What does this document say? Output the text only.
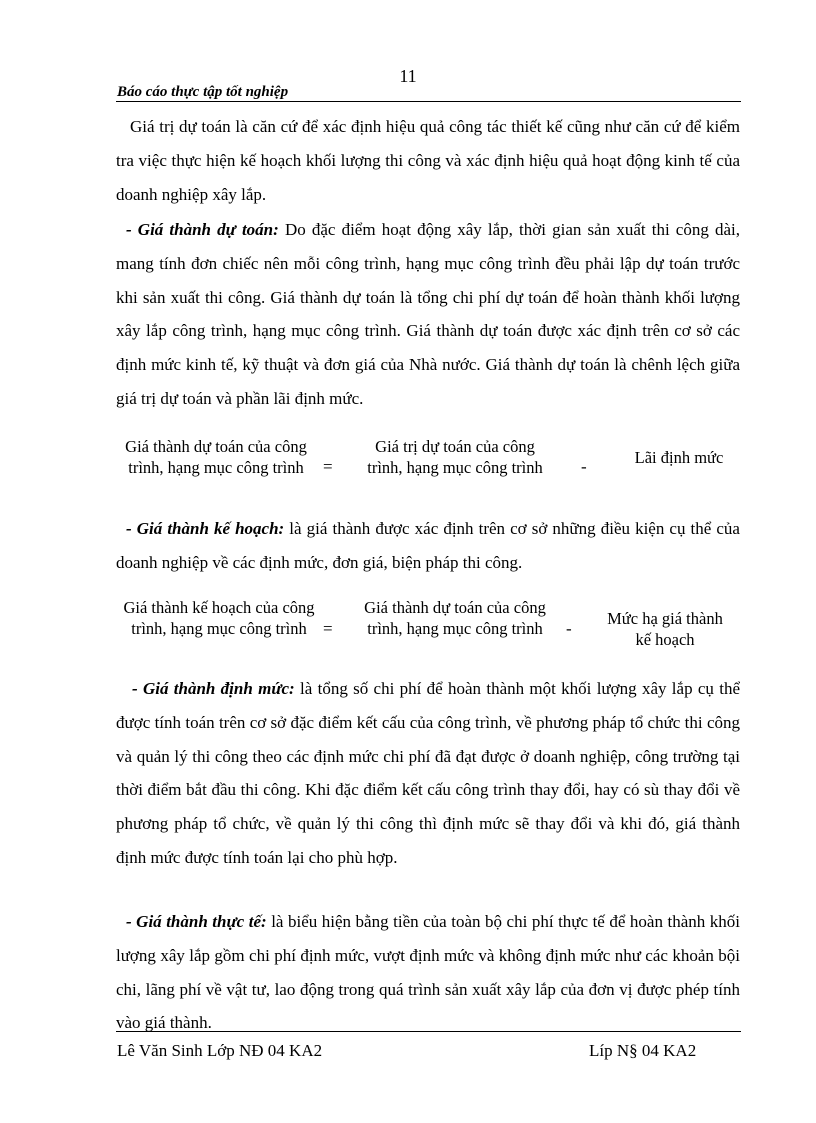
11
Báo cáo thực tập tốt nghiệp

Giá trị dự toán là căn cứ để xác định hiệu quả công tác thiết kế cũng như căn cứ để kiểm tra việc thực hiện kế hoạch khối lượng thi công và xác định hiệu quả hoạt động kinh tế của doanh nghiệp xây lắp.

- Giá thành dự toán: Do đặc điểm hoạt động xây lắp, thời gian sản xuất thi công dài, mang tính đơn chiếc nên mỗi công trình, hạng mục công trình đều phải lập dự toán trước khi sản xuất thi công. Giá thành dự toán là tổng chi phí dự toán để hoàn thành khối lượng xây lắp công trình, hạng mục công trình. Giá thành dự toán được xác định trên cơ sở các định mức kinh tế, kỹ thuật và đơn giá của Nhà nước. Giá thành dự toán là chênh lệch giữa giá trị dự toán và phần lãi định mức.

Giá thành dự toán của công trình, hạng mục công trình	=
Giá trị dự toán của công trình, hạng mục công trình	-	Lãi định mức

- Giá thành kế hoạch: là giá thành được xác định trên cơ sở những điều kiện cụ thể của doanh nghiệp về các định mức, đơn giá, biện pháp thi công.

Giá thành kế hoạch của công trình, hạng mục công trình =
Giá thành dự toán của công trình, hạng mục công trình	-
Mức hạ giá thành kế hoạch

- Giá thành định mức: là tổng số chi phí để hoàn thành một khối lượng xây lắp cụ thể được tính toán trên cơ sở đặc điểm kết cấu của công trình, về phương pháp tổ chức thi công và quản lý thi công theo các định mức chi phí đã đạt được ở doanh nghiệp, công trường tại thời điểm bắt đầu thi công. Khi đặc điểm kết cấu công trình thay đổi, hay có sù thay đổi về phương pháp tổ chức, về quản lý thi công thì định mức sẽ thay đổi và khi đó, giá thành định mức được tính toán lại cho phù hợp.

- Giá thành thực tế: là biểu hiện bằng tiền của toàn bộ chi phí thực tế để hoàn thành khối lượng xây lắp gồm chi phí định mức, vượt định mức và không định mức như các khoản bội chi, lãng phí về vật tư, lao động trong quá trình sản xuất xây lắp của đơn vị được phép tính vào giá thành.

Lê Văn Sinh Lớp NĐ 04 KA2	Líp N§ 04 KA2
